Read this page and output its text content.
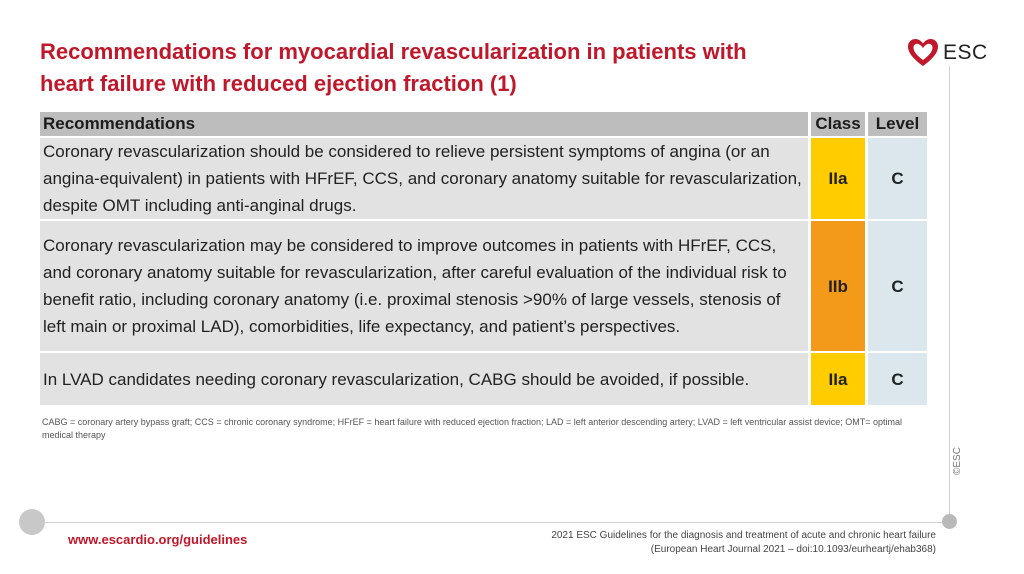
Recommendations for myocardial revascularization in patients with
heart failure with reduced ejection fraction (1)
ESC
Recommendations	Class	Level
Coronary revascularization should be considered to relieve persistent symptoms of angina (or an angina-equivalent) in patients with HFrEF, CCS, and coronary anatomy suitable for revascularization, despite OMT including anti-anginal drugs.	IIa	C
Coronary revascularization may be considered to improve outcomes in patients with HFrEF, CCS, and coronary anatomy suitable for revascularization, after careful evaluation of the individual risk to benefit ratio, including coronary anatomy (i.e. proximal stenosis >90% of large vessels, stenosis of left main or proximal LAD), comorbidities, life expectancy, and patient’s perspectives.	IIb	C
In LVAD candidates needing coronary revascularization, CABG should be avoided, if possible.	IIa	C
CABG = coronary artery bypass graft; CCS = chronic coronary syndrome; HFrEF = heart failure with reduced ejection fraction; LAD = left anterior descending artery; LVAD = left ventricular assist device; OMT= optimal medical therapy
www.escardio.org/guidelines	2021 ESC Guidelines for the diagnosis and treatment of acute and chronic heart failure
(European Heart Journal 2021 – doi:10.1093/eurheartj/ehab368)
©ESC
